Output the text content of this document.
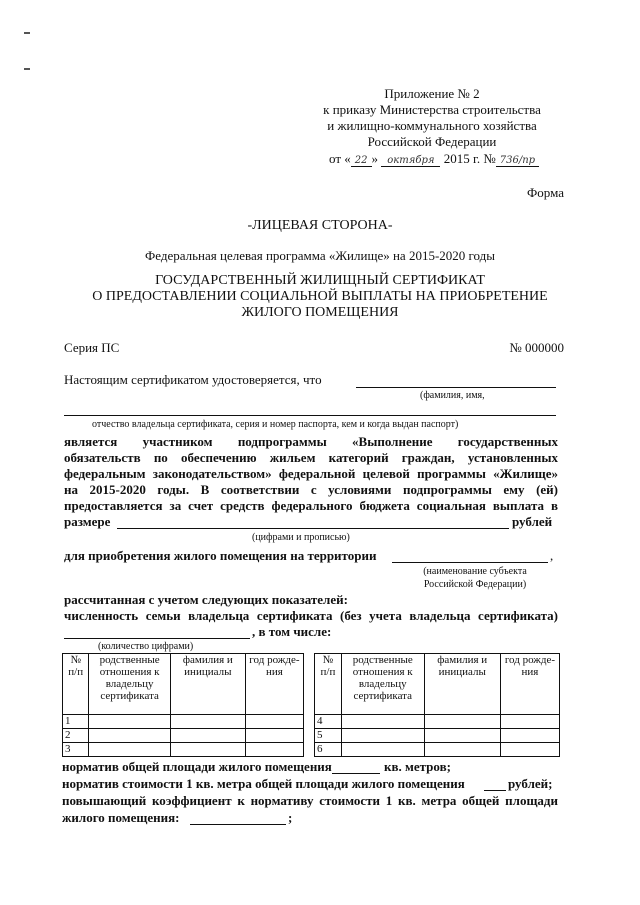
Приложение № 2
к приказу Министерства строительства
и жилищно-коммунального хозяйства
Российской Федерации
от « 22 » октября 2015 г. № 736/пр
Форма
-ЛИЦЕВАЯ СТОРОНА-
Федеральная целевая программа «Жилище» на 2015-2020 годы
ГОСУДАРСТВЕННЫЙ ЖИЛИЩНЫЙ СЕРТИФИКАТ
О ПРЕДОСТАВЛЕНИИ СОЦИАЛЬНОЙ ВЫПЛАТЫ НА ПРИОБРЕТЕНИЕ
ЖИЛОГО ПОМЕЩЕНИЯ
Серия ПС	№ 000000
Настоящим сертификатом удостоверяется, что
(фамилия, имя,
отчество владельца сертификата, серия и номер паспорта, кем и когда выдан паспорт)
является участником подпрограммы «Выполнение государственных
обязательств по обеспечению жильем категорий граждан, установленных
федеральным законодательством» федеральной целевой программы «Жилище»
на 2015-2020 годы. В соответствии с условиями подпрограммы ему (ей)
предоставляется за счет средств федерального бюджета социальная выплата в
размере	рублей
(цифрами и прописью)
для приобретения жилого помещения на территории	,
(наименование субъекта
Российской Федерации)
рассчитанная с учетом следующих показателей:
численность семьи владельца сертификата (без учета владельца сертификата)
, в том числе:
(количество цифрами)
№ п/п	родственные отношения к владельцу сертификата	фамилия и инициалы	год рожде-ния
1			
2			
3			
№ п/п	родственные отношения к владельцу сертификата	фамилия и инициалы	год рожде-ния
4			
5			
6			
норматив общей площади жилого помещения	кв. метров;
норматив стоимости 1 кв. метра общей площади жилого помещения	рублей;
повышающий коэффициент к нормативу стоимости 1 кв. метра общей площади
жилого помещения:	;
